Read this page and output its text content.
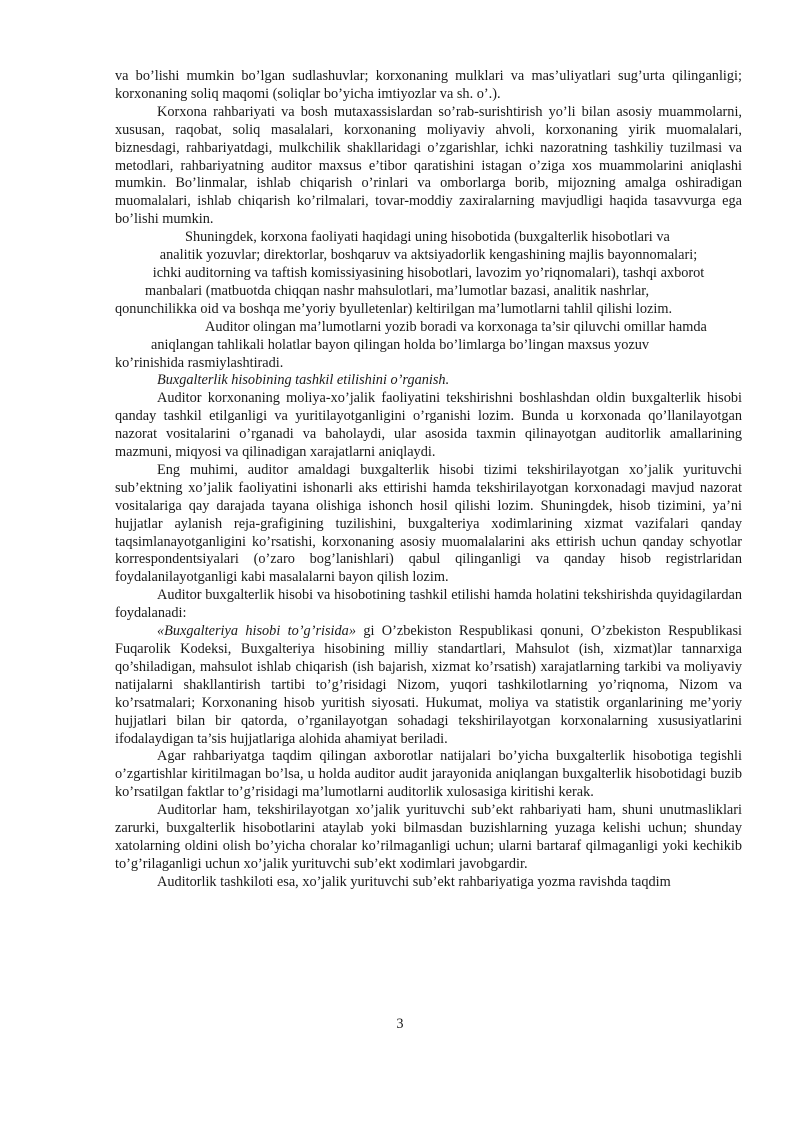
va bo’lishi mumkin bo’lgan sudlashuvlar; korxonaning mulklari va mas’uliyatlari sug’urta qilinganligi; korxonaning soliq maqomi (soliqlar bo’yicha imtiyozlar va sh. o’.).

Korxona rahbariyati va bosh mutaxassislardan so’rab-surishtirish yo’li bilan asosiy muammolarni, xususan, raqobat, soliq masalalari, korxonaning moliyaviy ahvoli, korxonaning yirik muomalalari, biznesdagi, rahbariyatdagi, mulkchilik shakllaridagi o’zgarishlar, ichki nazoratning tashkiliy tuzilmasi va metodlari, rahbariyatning auditor maxsus e’tibor qaratishini istagan o’ziga xos muammolarini aniqlashi mumkin. Bo’linmalar, ishlab chiqarish o’rinlari va omborlarga borib, mijozning amalga oshiradigan muomalalari, ishlab chiqarish ko’rilmalari, tovar-moddiy zaxiralarning mavjudligi haqida tasavvurga ega bo’lishi mumkin.

Shuningdek, korxona faoliyati haqidagi uning hisobotida (buxgalterlik hisobotlari va

analitik yozuvlar; direktorlar, boshqaruv va aktsiyadorlik kengashining majlis bayonnomalari;

ichki auditorning va taftish komissiyasining hisobotlari, lavozim yo’riqnomalari), tashqi axborot

manbalari (matbuotda chiqqan nashr mahsulotlari, ma’lumotlar bazasi, analitik nashrlar,

qonunchilikka oid va boshqa me’yoriy byulletenlar) keltirilgan ma’lumotlarni tahlil qilishi lozim.

Auditor olingan ma’lumotlarni yozib boradi va korxonaga ta’sir qiluvchi omillar hamda

aniqlangan tahlikali holatlar bayon qilingan holda bo’limlarga bo’lingan maxsus yozuv

ko’rinishida rasmiylashtiradi.

Buxgalterlik hisobining tashkil etilishini o’rganish.

Auditor korxonaning moliya-xo’jalik faoliyatini tekshirishni boshlashdan oldin buxgalterlik hisobi qanday tashkil etilganligi va yuritilayotganligini o’rganishi lozim. Bunda u korxonada qo’llanilayotgan nazorat vositalarini o’rganadi va baholaydi, ular asosida taxmin qilinayotgan auditorlik amallarining mazmuni, miqyosi va qilinadigan xarajatlarni aniqlaydi.

Eng muhimi, auditor amaldagi buxgalterlik hisobi tizimi tekshirilayotgan xo’jalik yurituvchi sub’ektning xo’jalik faoliyatini ishonarli aks ettirishi hamda tekshirilayotgan korxonadagi mavjud nazorat vositalariga qay darajada tayana olishiga ishonch hosil qilishi lozim. Shuningdek, hisob tizimini, ya’ni hujjatlar aylanish reja-grafigining tuzilishini, buxgalteriya xodimlarining xizmat vazifalari qanday taqsimlanayotganligini ko’rsatishi, korxonaning asosiy muomalalarini aks ettirish uchun qanday schyotlar korrespondentsiyalari (o’zaro bog’lanishlari) qabul qilinganligi va qanday hisob registrlaridan foydalanilayotganligi kabi masalalarni bayon qilish lozim.

Auditor buxgalterlik hisobi va hisobotining tashkil etilishi hamda holatini tekshirishda quyidagilardan foydalanadi:

«Buxgalteriya hisobi to’g’risida» gi O’zbekiston Respublikasi qonuni, O’zbekiston Respublikasi Fuqarolik Kodeksi, Buxgalteriya hisobining milliy standartlari, Mahsulot (ish, xizmat)lar tannarxiga qo’shiladigan, mahsulot ishlab chiqarish (ish bajarish, xizmat ko’rsatish) xarajatlarning tarkibi va moliyaviy natijalarni shakllantirish tartibi to’g’risidagi Nizom, yuqori tashkilotlarning yo’riqnoma, Nizom va ko’rsatmalari; Korxonaning hisob yuritish siyosati. Hukumat, moliya va statistik organlarining me’yoriy hujjatlari bilan bir qatorda, o’rganilayotgan sohadagi tekshirilayotgan korxonalarning xususiyatlarini ifodalaydigan ta’sis hujjatlariga alohida ahamiyat beriladi.

Agar rahbariyatga taqdim qilingan axborotlar natijalari bo’yicha buxgalterlik hisobotiga tegishli o’zgartishlar kiritilmagan bo’lsa, u holda auditor audit jarayonida aniqlangan buxgalterlik hisobotidagi buzib ko’rsatilgan faktlar to’g’risidagi ma’lumotlarni auditorlik xulosasiga kiritishi kerak.

Auditorlar ham, tekshirilayotgan xo’jalik yurituvchi sub’ekt rahbariyati ham, shuni unutmasliklari zarurki, buxgalterlik hisobotlarini ataylab yoki bilmasdan buzishlarning yuzaga kelishi uchun; shunday xatolarning oldini olish bo’yicha choralar ko’rilmaganligi uchun; ularni bartaraf qilmaganligi yoki kechikib to’g’rilaganligi uchun xo’jalik yurituvchi sub’ekt xodimlari javobgardir.

Auditorlik tashkiloti esa, xo’jalik yurituvchi sub’ekt rahbariyatiga yozma ravishda taqdim

3
